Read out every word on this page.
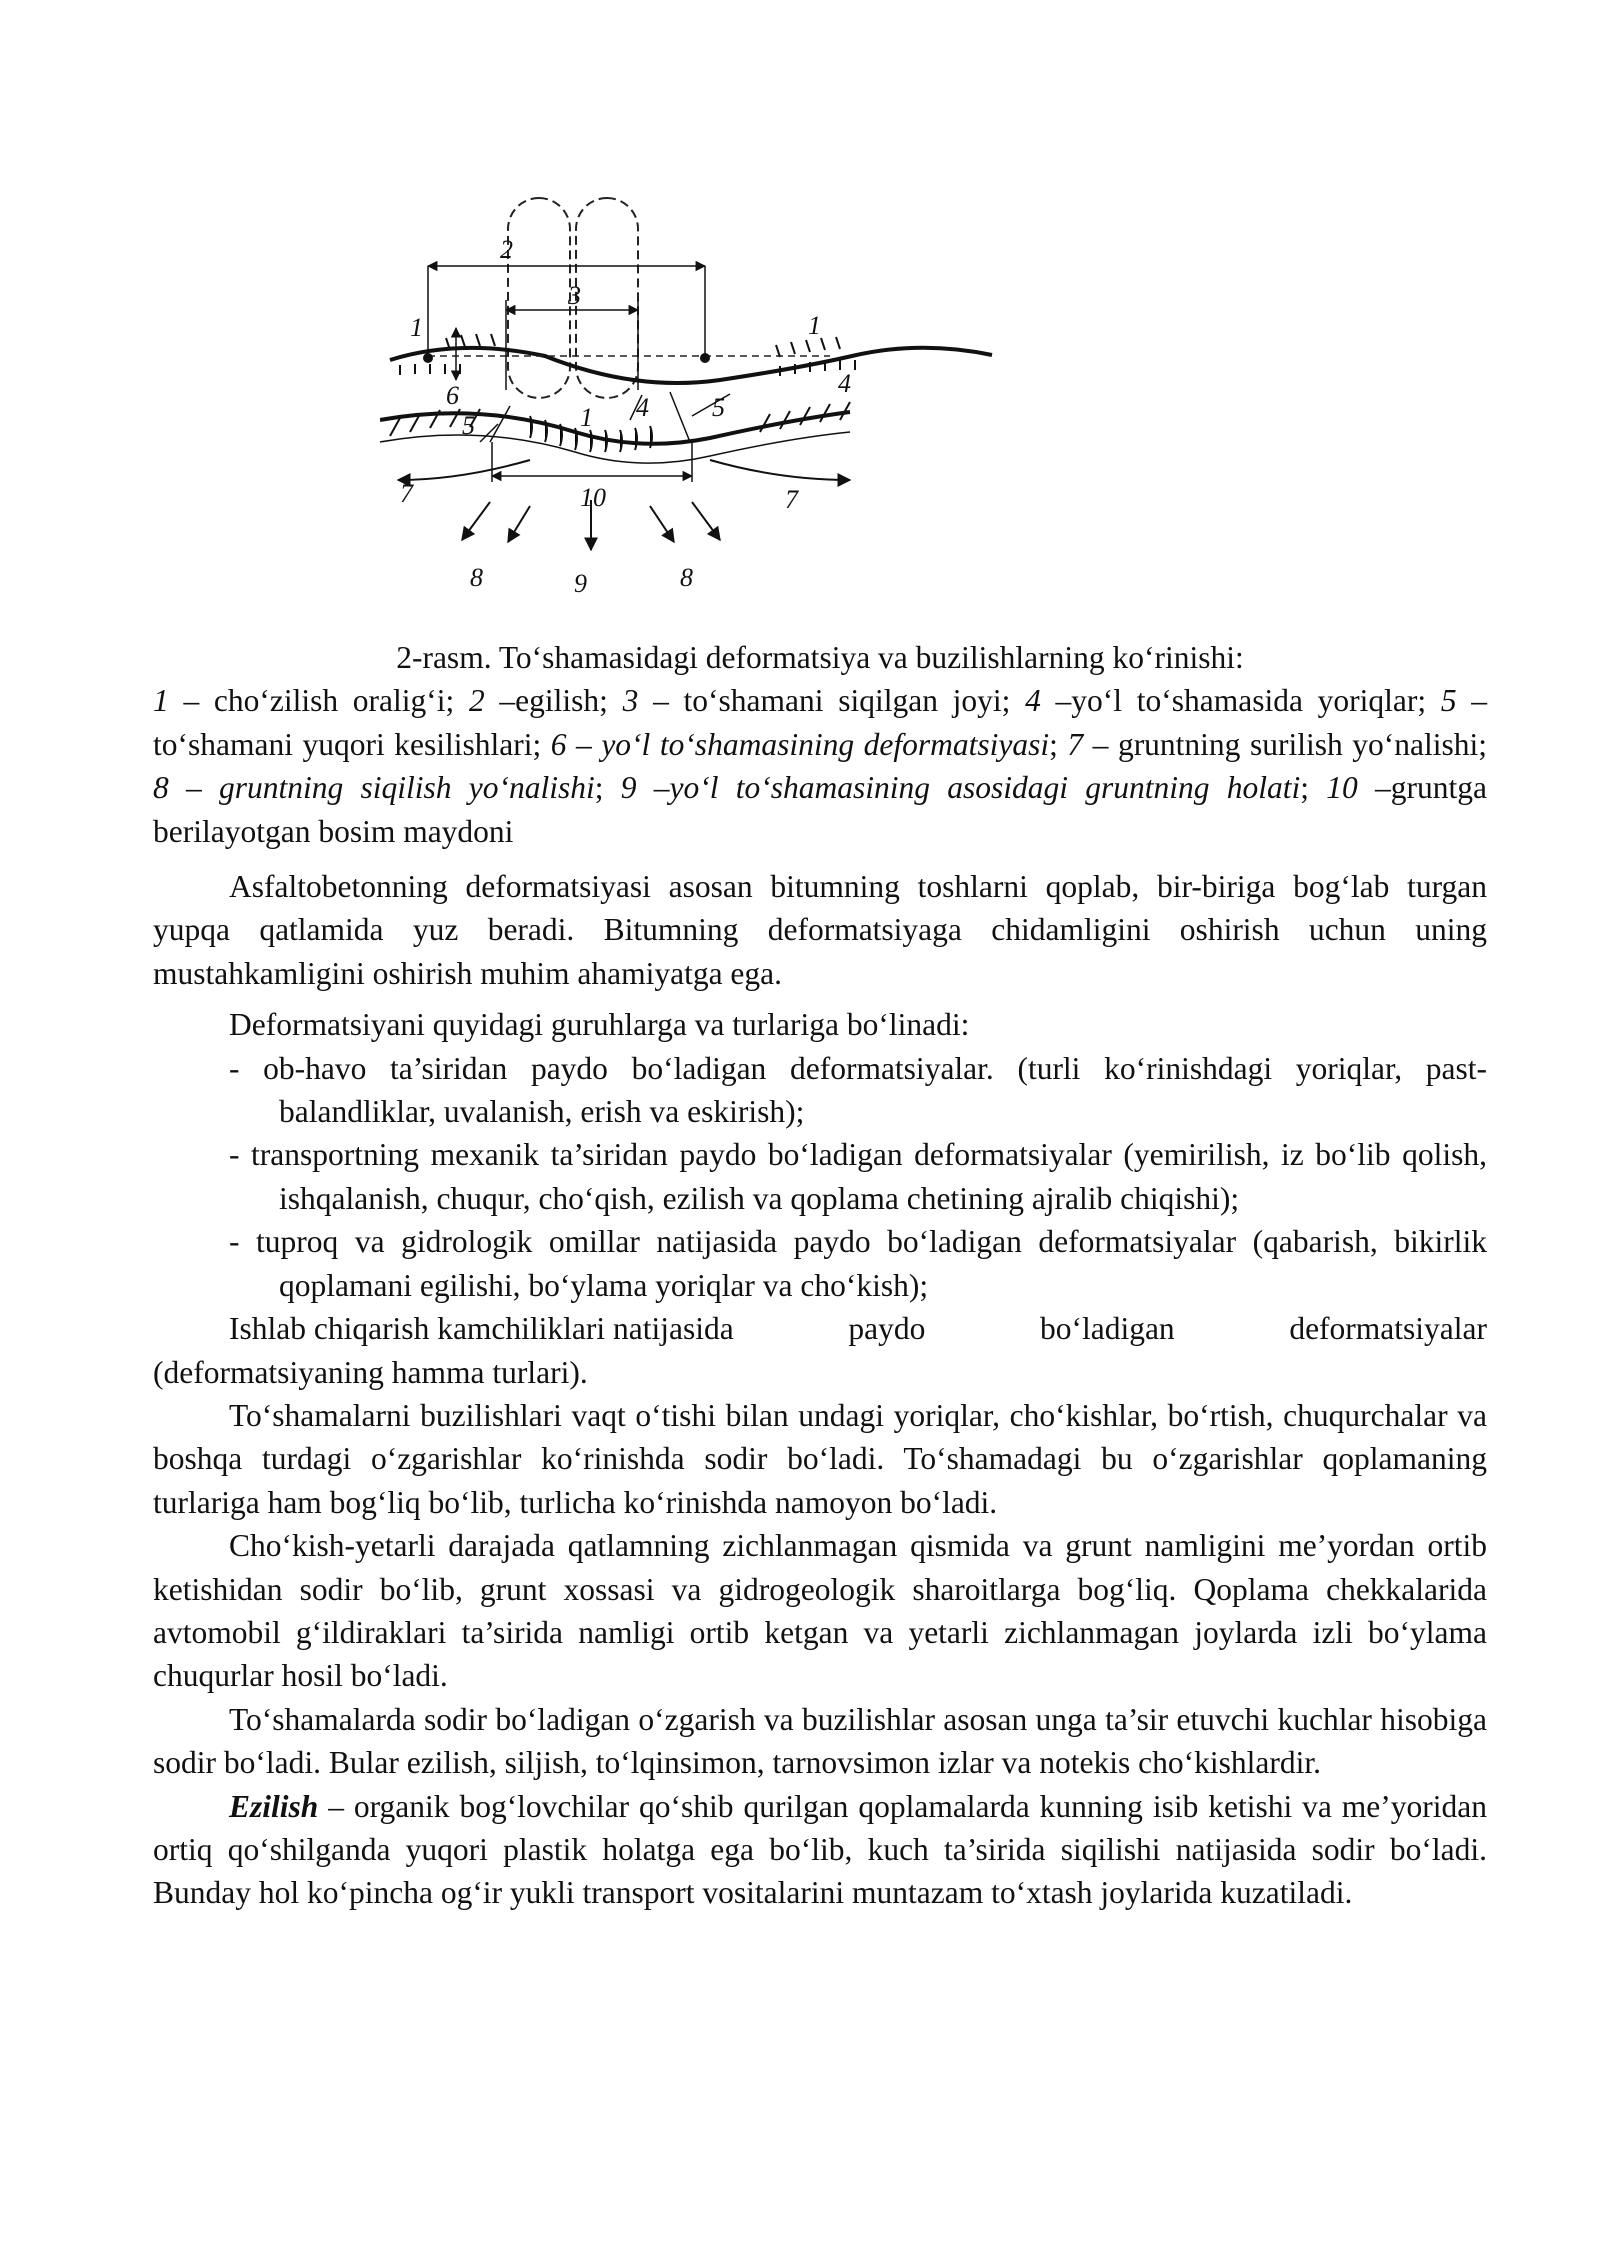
2
3
1	1
4
6
5	1 4 5
7	10	7
8	9	8

2-rasm. To‘shamasidagi deformatsiya va buzilishlarning ko‘rinishi:

1 – cho‘zilish oralig‘i; 2 –egilish; 3 – to‘shamani siqilgan joyi; 4 –yo‘l to‘shamasida yoriqlar; 5 – to‘shamani yuqori kesilishlari; 6 – yo‘l to‘shamasining deformatsiyasi; 7 – gruntning surilish yo‘nalishi; 8 – gruntning siqilish yo‘nalishi; 9 –yo‘l to‘shamasining asosidagi gruntning holati; 10 –gruntga berilayotgan bosim maydoni

Asfaltobetonning deformatsiyasi asosan bitumning toshlarni qoplab, bir-biriga bog‘lab turgan yupqa qatlamida yuz beradi. Bitumning deformatsiyaga chidamligini oshirish uchun uning mustahkamligini oshirish muhim ahamiyatga ega.

Deformatsiyani quyidagi guruhlarga va turlariga bo‘linadi:

- ob-havo ta’siridan paydo bo‘ladigan deformatsiyalar. (turli ko‘rinishdagi yoriqlar, past-balandliklar, uvalanish, erish va eskirish);

- transportning mexanik ta’siridan paydo bo‘ladigan deformatsiyalar (yemirilish, iz bo‘lib qolish, ishqalanish, chuqur, cho‘qish, ezilish va qoplama chetining ajralib chiqishi);

- tuproq va gidrologik omillar natijasida paydo bo‘ladigan deformatsiyalar (qabarish, bikirlik qoplamani egilishi, bo‘ylama yoriqlar va cho‘kish);

Ishlab chiqarish kamchiliklari natijasida	paydo	bo‘ladigan	deformatsiyalar

(deformatsiyaning hamma turlari).

To‘shamalarni buzilishlari vaqt o‘tishi bilan undagi yoriqlar, cho‘kishlar, bo‘rtish, chuqurchalar va boshqa turdagi o‘zgarishlar ko‘rinishda sodir bo‘ladi. To‘shamadagi bu o‘zgarishlar qoplamaning turlariga ham bog‘liq bo‘lib, turlicha ko‘rinishda namoyon bo‘ladi.

Cho‘kish-yetarli darajada qatlamning zichlanmagan qismida va grunt namligini me’yordan ortib ketishidan sodir bo‘lib, grunt xossasi va gidrogeologik sharoitlarga bog‘liq. Qoplama chekkalarida avtomobil g‘ildiraklari ta’sirida namligi ortib ketgan va yetarli zichlanmagan joylarda izli bo‘ylama chuqurlar hosil bo‘ladi.

To‘shamalarda sodir bo‘ladigan o‘zgarish va buzilishlar asosan unga ta’sir etuvchi kuchlar hisobiga sodir bo‘ladi. Bular ezilish, siljish, to‘lqinsimon, tarnovsimon izlar va notekis cho‘kishlardir.

Ezilish – organik bog‘lovchilar qo‘shib qurilgan qoplamalarda kunning isib ketishi va me’yoridan ortiq qo‘shilganda yuqori plastik holatga ega bo‘lib, kuch ta’sirida siqilishi natijasida sodir bo‘ladi. Bunday hol ko‘pincha og‘ir yukli transport vositalarini muntazam to‘xtash joylarida kuzatiladi.
